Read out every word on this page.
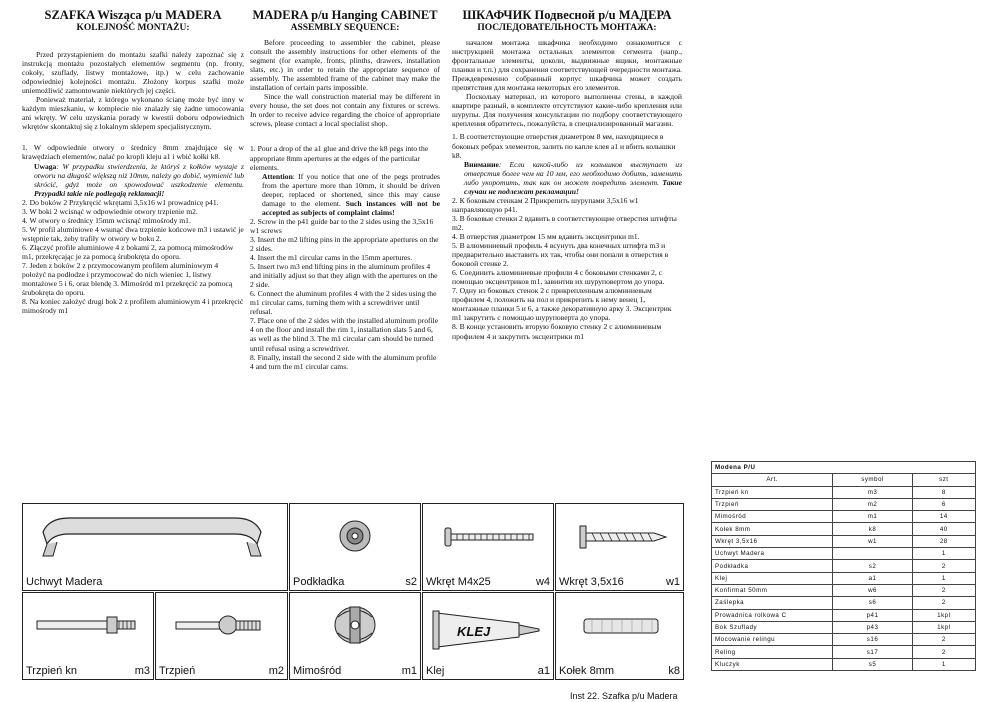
SZAFKA Wisząca p/u MADERA
KOLEJNOŚĆ MONTAŻU:

Przed przystąpieniem do montażu szafki należy zapoznać się z instrukcją montażu pozostałych elementów segmentu (np. fronty, cokoły, szuflady, listwy montażowe, itp.) w celu zachowanie odpowiedniej kolejności montażu. Złożony korpus szafki może uniemożliwić zamontowanie niektórych jej części.

Ponieważ materiał, z którego wykonano ścianę może być inny w każdym mieszkaniu, w komplecie nie znalazły się żadne umocowania ani wkręty. W celu uzyskania porady w kwestii doboru odpowiednich wkrętów skontaktuj się z lokalnym sklepem specjalistycznym.

1. W odpowiednie otwory o średnicy 8mm znajdujące się w krawędziach elementów, nalać po kropli kleju a1 i wbić kołki k8.
Uwaga: W przypadku stwierdzenia, że któryś z kołków wystaje z otworu na długość większą niż 10mm, należy go dobić, wymienić lub skrócić, gdyż może on spowodować uszkodzenie elementu. Przypadki takie nie podlegają reklamacji!
2. Do boków 2 Przykręcić wkrętami 3,5x16 w1 prowadnicę p41.
3. W boki 2 wcisnąć w odpowiednie otwory trzpienie m2.
4. W otwory o średnicy 15mm wcisnąć mimośrody m1.
5. W profil aluminiowe 4 wsunąć dwa trzpienie końcowe m3 i ustawić je wstępnie tak, żeby trafiły w otwory w boku 2.
6. Złączyć profile aluminiowe 4 z bokami 2, za pomocą mimośrodów m1, przekręcając je za pomocą śrubokręta do oporu.
7. Jeden z boków 2 z przymocowanym profilem aluminiowym 4 położyć na podłodze i przymocować do nich wieniec 1, listwy montażowe 5 i 6, oraz blendę 3. Mimośród m1 przekręcić za pomocą śrubokręta do oporu.
8. Na koniec założyć drugi bok 2 z profilem aluminiowym 4 i przekręcić mimośrody m1
MADERA p/u Hanging CABINET
ASSEMBLY SEQUENCE:

Before proceeding to assembler the cabinet, please consult the assembly instructions for other elements of the segment (for example, fronts, plinths, drawers, installation slats, etc.) in order to retain the appropriate sequence of assembly. The assembled frame of the cabinet may make the installation of certain parts impossible.

Since the wall construction material may be different in every house, the set does not contain any fixtures or screws. In order to receive advice regarding the choice of appropriate screws, please contact a local specialist shop.

1. Pour a drop of the a1 glue and drive the k8 pegs into the appropriate 8mm apertures at the edges of the particular elements.
Attention: If you notice that one of the pegs protrudes from the aperture more than 10mm, it should be driven deeper, replaced or shortened, since this may cause damage to the element. Such instances will not be accepted as subjects of complaint claims!
2. Screw in the p41 guide bar to the 2 sides using the 3,5x16 w1 screws
3. Insert the m2 lifting pins in the appropriate apertures on the 2 sides.
4. Insert the m1 circular cams in the 15mm apertures.
5. Insert two m3 end lifting pins in the aluminum profiles 4 and initially adjust so that they align with the apertures on the 2 side.
6. Connect the aluminum profiles 4 with the 2 sides using the m1 circular cams, turning them with a screwdriver until refusal.
7. Place one of the 2 sides with the installed aluminum profile 4 on the floor and install the rim 1, installation slats 5 and 6, as well as the blind 3. The m1 circular cam should be turned until refusal using a screwdriver.
8. Finally, install the second 2 side with the aluminum profile 4 and turn the m1 circular cams.
ШКАФЧИК Подвесной p/u МАДЕРА
ПОСЛЕДОВАТЕЛЬНОСТЬ МОНТАЖА:

началом монтажа шкафчика необходимо ознакомиться с инструкцией монтажа остальных элементов сегмента (напр., фронтальные элементы, цоколи, выдвижные ящики, монтажные планки и т.п.) для сохранения соответствующей очередности монтажа. Преждевременно собранный корпус шкафчика может создать препятствия для монтажа некоторых его элементов.

Поскольку материал, из которого выполнены стены, в каждой квартире разный, в комплекте отсутствуют какие-либо крепления или шурупы. Для получения консультации по подбору соответствующего крепления обратитесь, пожалуйста, в специализированный магазин.

1. В соответствующие отверстия диаметром 8 мм, находящиеся в боковых ребрах элементов, залить по капле клея a1 и вбить колышки k8.
Внимание: Если какой-либо из колышков выступает из отверстия более чем на 10 мм, его необходимо добить, заменить либо укоротить, так как он может повредить элемент. Такие случаи не подлежат рекламации!
2. К боковым стенкам 2 Прикрепить шурупами 3,5x16 w1 направляющую p41.
3. В боковые стенки 2 вдавить в соответствующие отверстия штифты m2.
4. В отверстия диаметром 15 мм вдавить эксцентрики m1.
5. В алюминиевый профиль 4 всунуть два конечных штифта m3 и предварительно выставить их так, чтобы они попали в отверстия в боковой стенке 2.
6. Соединить алюминиевые профили 4 с боковыми стенками 2, с помощью эксцентриков m1, завинтив их шуруповертом до упора.
7. Одну из боковых стенок 2 с прикрепленным алюминиевым профилем 4, положить на пол и прикрепить к нему венец 1, монтажные планки 5 и 6, а также декоративную арку 3. Эксцентрик m1 закрутить с помощью шуруповерта до упора.
8. В конце установить вторую боковую стенку 2 с алюминиевым профилем 4 и закрутить эксцентрики m1
Uchwyt Madera	Podkładka	s2 Wkręt M4x25	w4 Wkręt 3,5x16	w1
Trzpień kn	m3 Trzpień	m2 Mimośród	m1
KLEJ
Klej	a1 Kołek 8mm	k8
Inst 22. Szafka p/u Madera
Modena P/U		
Art.	symbol	szt
Trzpień kn	m3	8
Trzpień	m2	6
Mimośród	m1	14
Kołek 8mm	k8	40
Wkręt 3,5x16	w1	28
Uchwyt Madera		1
Podkładka	s2	2
Klej	a1	1
Konfirmat 50mm	w6	2
Zaślepka	s6	2
Prowadnica rolkowa C	p41	1kpl
Bok Szuflady	p43	1kpl
Mocowanie relingu	s16	2
Reling	s17	2
Kluczyk	s5	1
